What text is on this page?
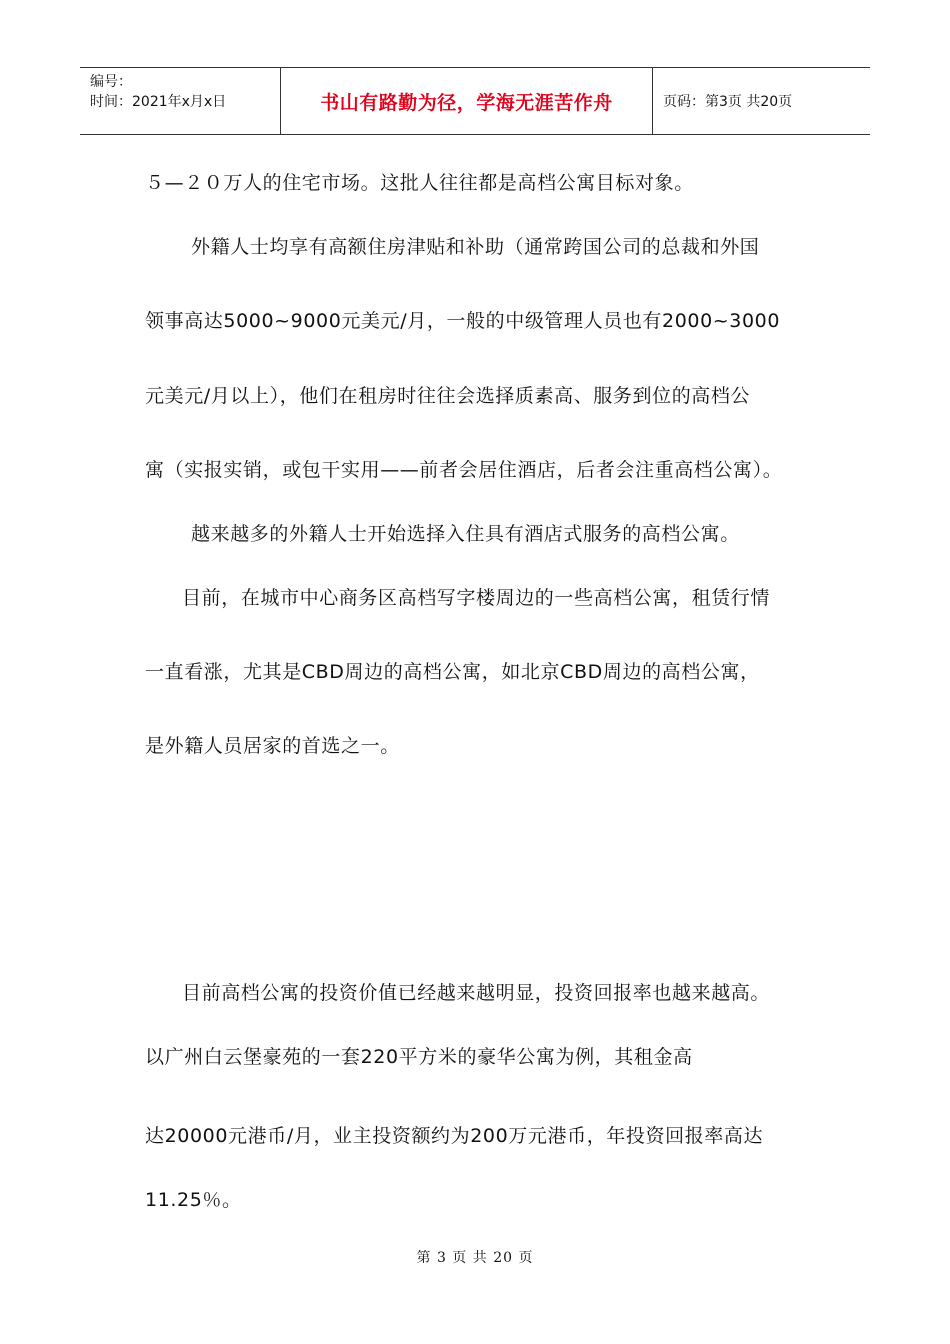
编号：
时间：2021年x月x日	书山有路勤为径，学海无涯苦作舟	页码：第3页 共20页
５—２０万人的住宅市场。这批人往往都是高档公寓目标对象。
外籍人士均享有高额住房津贴和补助（通常跨国公司的总裁和外国
领事高达5000~9000元美元/月，一般的中级管理人员也有2000~3000
元美元/月以上），他们在租房时往往会选择质素高、服务到位的高档公
寓（实报实销，或包干实用——前者会居住酒店，后者会注重高档公寓）。
越来越多的外籍人士开始选择入住具有酒店式服务的高档公寓。
目前，在城市中心商务区高档写字楼周边的一些高档公寓，租赁行情
一直看涨，尤其是CBD周边的高档公寓，如北京CBD周边的高档公寓，
是外籍人员居家的首选之一。
目前高档公寓的投资价值已经越来越明显，投资回报率也越来越高。
以广州白云堡豪苑的一套220平方米的豪华公寓为例，其租金高
达20000元港币/月，业主投资额约为200万元港币，年投资回报率高达
11.25％。
第 3 页 共 20 页
